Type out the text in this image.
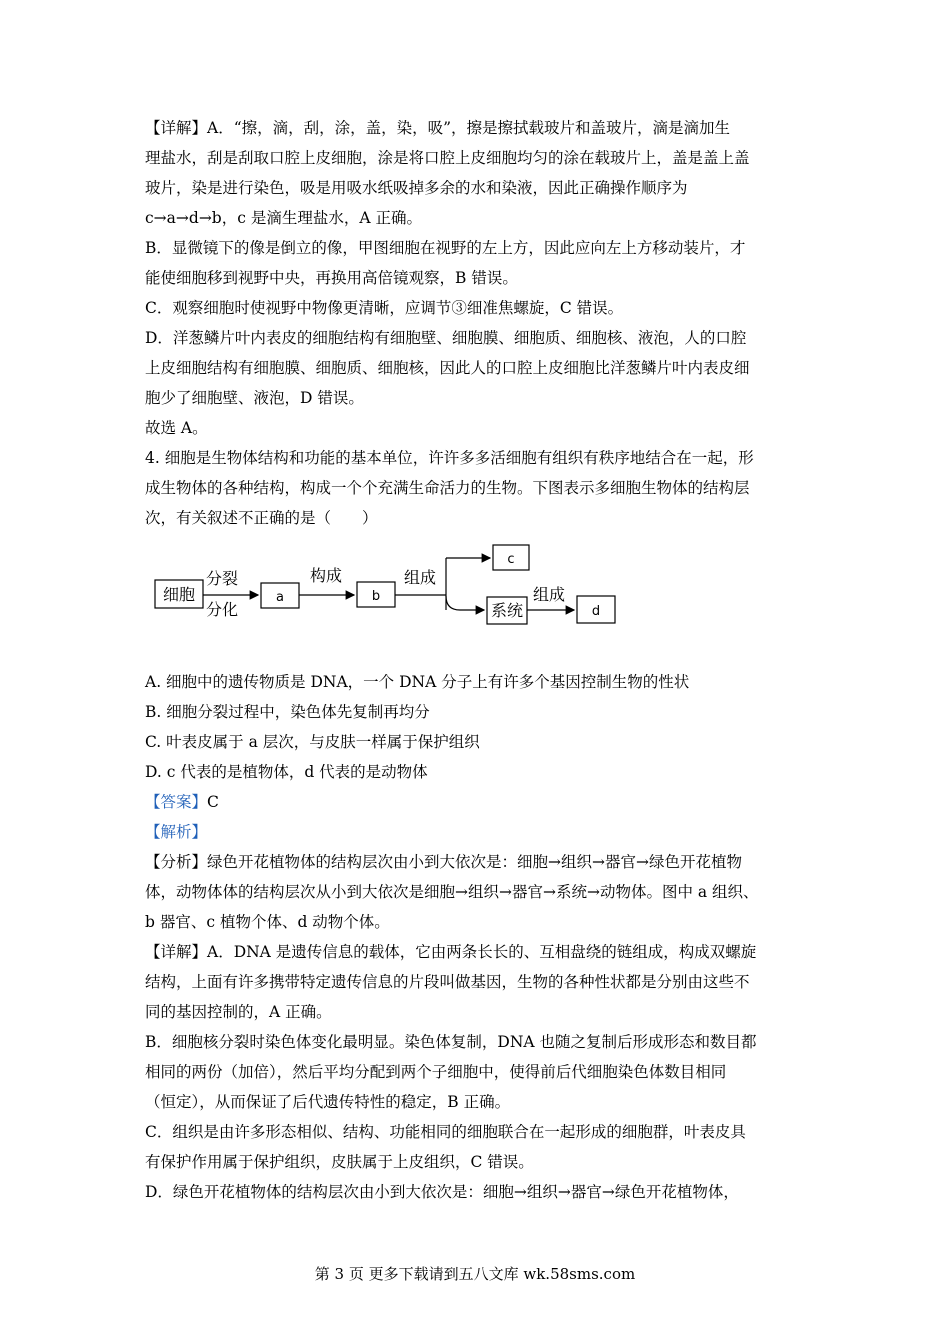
【详解】A．“擦，滴，刮，涂，盖，染，吸”，擦是擦拭载玻片和盖玻片，滴是滴加生
理盐水，刮是刮取口腔上皮细胞，涂是将口腔上皮细胞均匀的涂在载玻片上，盖是盖上盖
玻片，染是进行染色，吸是用吸水纸吸掉多余的水和染液，因此正确操作顺序为
c→a→d→b，c 是滴生理盐水，A 正确。
B．显微镜下的像是倒立的像，甲图细胞在视野的左上方，因此应向左上方移动装片，才
能使细胞移到视野中央，再换用高倍镜观察，B 错误。
C．观察细胞时使视野中物像更清晰，应调节③细准焦螺旋，C 错误。
D．洋葱鳞片叶内表皮的细胞结构有细胞壁、细胞膜、细胞质、细胞核、液泡，人的口腔
上皮细胞结构有细胞膜、细胞质、细胞核，因此人的口腔上皮细胞比洋葱鳞片叶内表皮细
胞少了细胞壁、液泡，D 错误。
故选 A。
4. 细胞是生物体结构和功能的基本单位，许许多多活细胞有组织有秩序地结合在一起，形
成生物体的各种结构，构成一个个充满生命活力的生物。下图表示多细胞生物体的结构层
次，有关叙述不正确的是（　　）
细胞
分裂
分化
a
构成
b
组成
c
系统
组成
d
A. 细胞中的遗传物质是 DNA，一个 DNA 分子上有许多个基因控制生物的性状
B. 细胞分裂过程中，染色体先复制再均分
C. 叶表皮属于 a 层次，与皮肤一样属于保护组织
D. c 代表的是植物体，d 代表的是动物体
【答案】C
【解析】
【分析】绿色开花植物体的结构层次由小到大依次是：细胞→组织→器官→绿色开花植物
体，动物体体的结构层次从小到大依次是细胞→组织→器官→系统→动物体。图中 a 组织、
b 器官、c 植物个体、d 动物个体。
【详解】A．DNA 是遗传信息的载体，它由两条长长的、互相盘绕的链组成，构成双螺旋
结构，上面有许多携带特定遗传信息的片段叫做基因，生物的各种性状都是分别由这些不
同的基因控制的，A 正确。
B．细胞核分裂时染色体变化最明显。染色体复制，DNA 也随之复制后形成形态和数目都
相同的两份（加倍），然后平均分配到两个子细胞中，使得前后代细胞染色体数目相同
（恒定），从而保证了后代遗传特性的稳定，B 正确。
C．组织是由许多形态相似、结构、功能相同的细胞联合在一起形成的细胞群，叶表皮具
有保护作用属于保护组织，皮肤属于上皮组织，C 错误。
D．绿色开花植物体的结构层次由小到大依次是：细胞→组织→器官→绿色开花植物体，
第 3 页 更多下载请到五八文库 wk.58sms.com
